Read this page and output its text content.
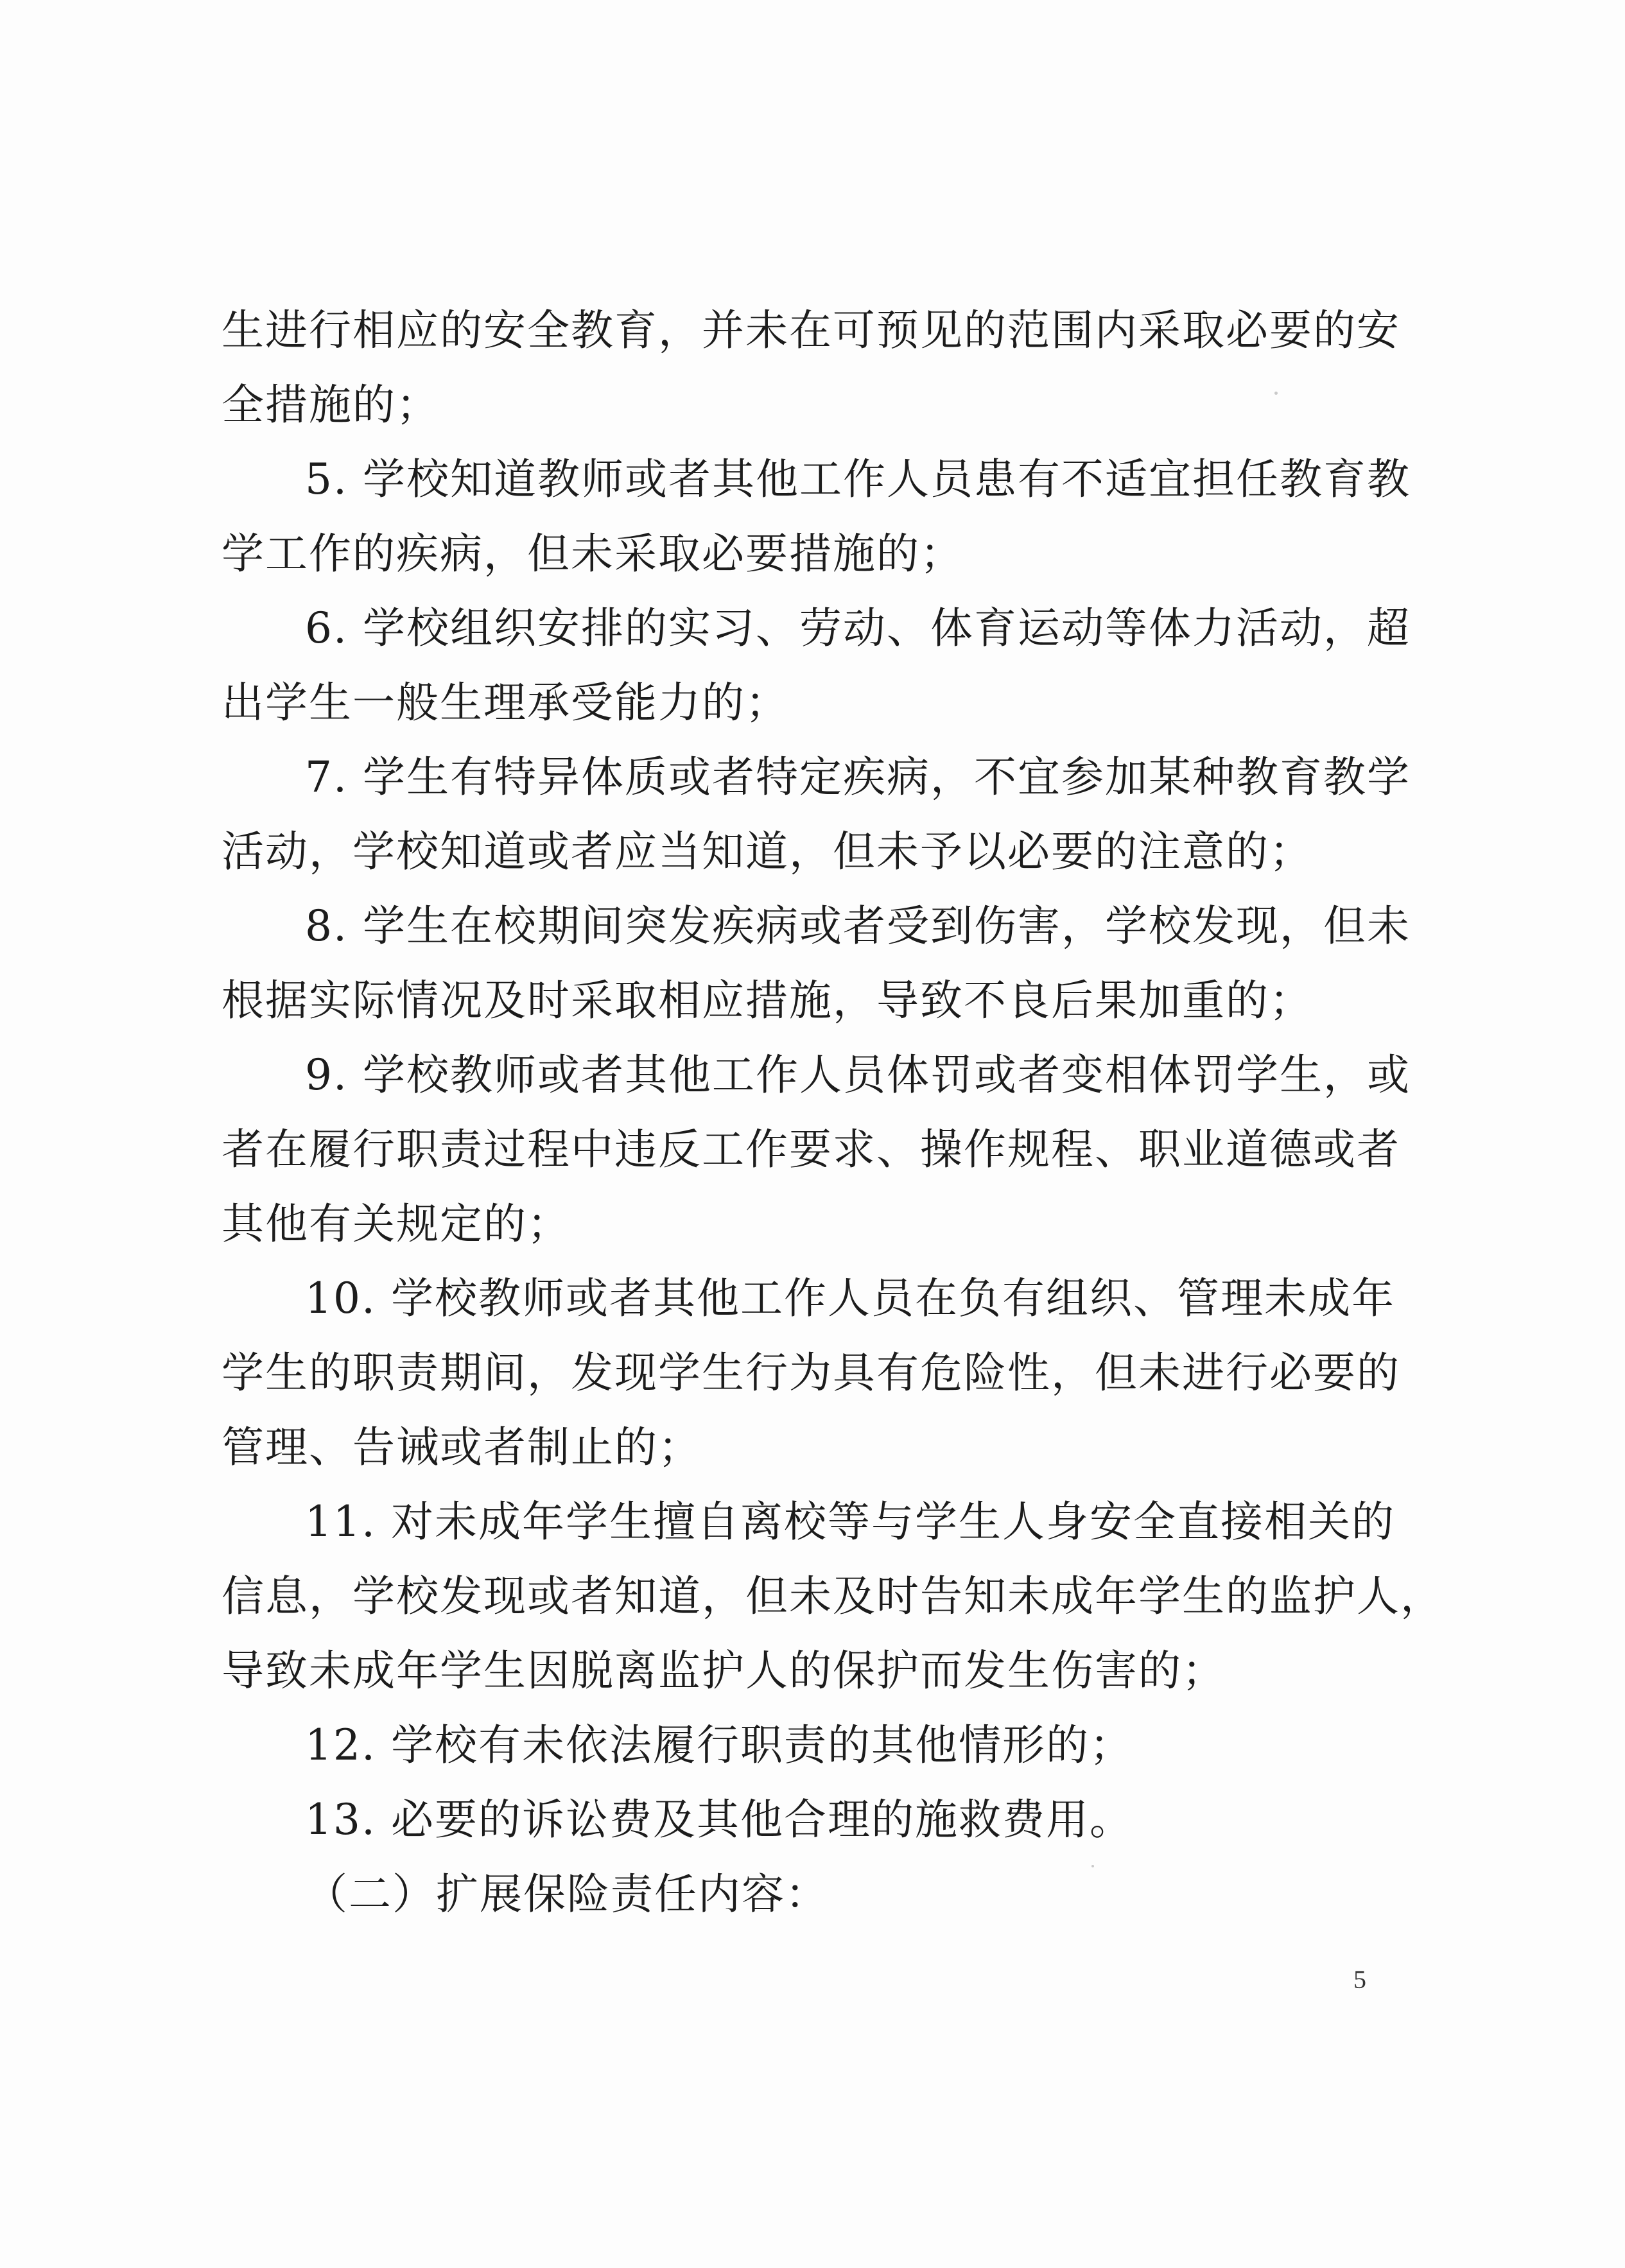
生进行相应的安全教育，并未在可预见的范围内采取必要的安
全措施的；
5. 学校知道教师或者其他工作人员患有不适宜担任教育教
学工作的疾病，但未采取必要措施的；
6. 学校组织安排的实习、劳动、体育运动等体力活动，超
出学生一般生理承受能力的；
7. 学生有特异体质或者特定疾病，不宜参加某种教育教学
活动，学校知道或者应当知道，但未予以必要的注意的；
8. 学生在校期间突发疾病或者受到伤害，学校发现，但未
根据实际情况及时采取相应措施，导致不良后果加重的；
9. 学校教师或者其他工作人员体罚或者变相体罚学生，或
者在履行职责过程中违反工作要求、操作规程、职业道德或者
其他有关规定的；
10. 学校教师或者其他工作人员在负有组织、管理未成年
学生的职责期间，发现学生行为具有危险性，但未进行必要的
管理、告诫或者制止的；
11. 对未成年学生擅自离校等与学生人身安全直接相关的
信息，学校发现或者知道，但未及时告知未成年学生的监护人，
导致未成年学生因脱离监护人的保护而发生伤害的；
12. 学校有未依法履行职责的其他情形的；
13. 必要的诉讼费及其他合理的施救费用。
（二）扩展保险责任内容：
5
